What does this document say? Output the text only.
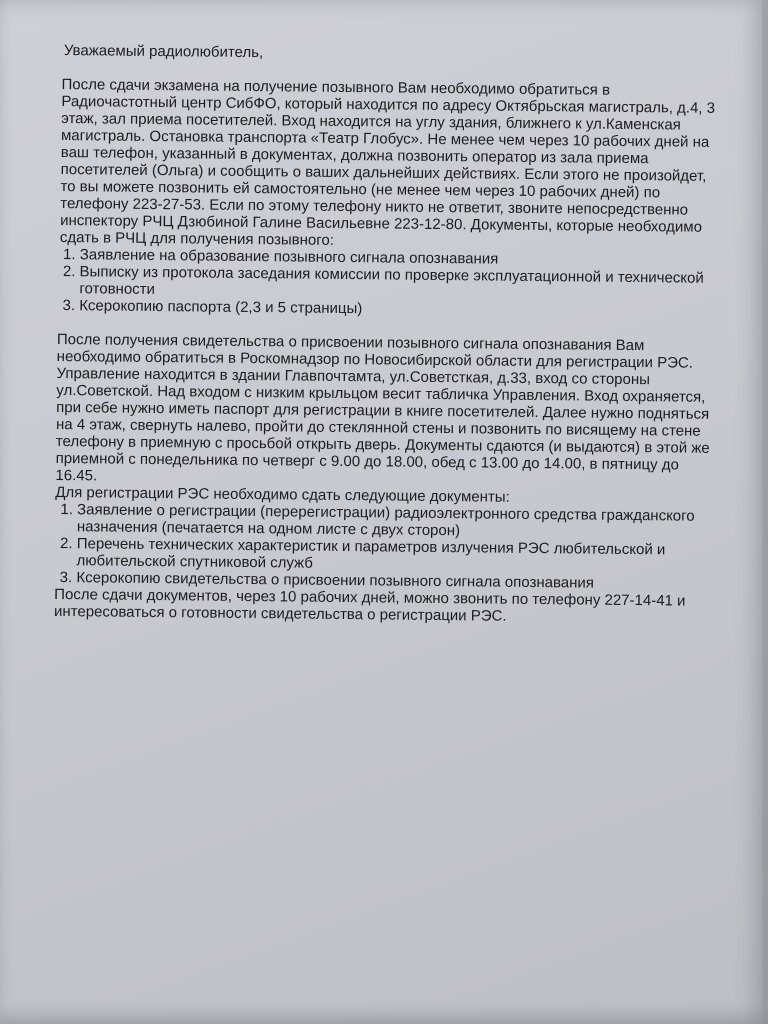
Уважаемый радиолюбитель,

После сдачи экзамена на получение позывного Вам необходимо обратиться в Радиочастотный центр СибФО, который находится по адресу Октябрьская магистраль, д.4, 3 этаж, зал приема посетителей. Вход находится на углу здания, ближнего к ул.Каменская магистраль. Остановка транспорта «Театр Глобус». Не менее чем через 10 рабочих дней на ваш телефон, указанный в документах, должна позвонить оператор из зала приема посетителей (Ольга) и сообщить о ваших дальнейших действиях. Если этого не произойдет, то вы можете позвонить ей самостоятельно (не менее чем через 10 рабочих дней) по телефону 223-27-53. Если по этому телефону никто не ответит, звоните непосредственно инспектору РЧЦ Дзюбиной Галине Васильевне 223-12-80. Документы, которые необходимо сдать в РЧЦ для получения позывного:

1. Заявление на образование позывного сигнала опознавания
2. Выписку из протокола заседания комиссии по проверке эксплуатационной и технической готовности
3. Ксерокопию паспорта (2,3 и 5 страницы)

После получения свидетельства о присвоении позывного сигнала опознавания Вам необходимо обратиться в Роскомнадзор по Новосибирской области для регистрации РЭС. Управление находится в здании Главпочтамта, ул.Советсткая, д.33, вход со стороны ул.Советской. Над входом с низким крыльцом весит табличка Управления. Вход охраняется, при себе нужно иметь паспорт для регистрации в книге посетителей. Далее нужно подняться на 4 этаж, свернуть налево, пройти до стеклянной стены и позвонить по висящему на стене телефону в приемную с просьбой открыть дверь. Документы сдаются (и выдаются) в этой же приемной с понедельника по четверг с 9.00 до 18.00, обед с 13.00 до 14.00, в пятницу до 16.45.

Для регистрации РЭС необходимо сдать следующие документы:

1. Заявление о регистрации (перерегистрации) радиоэлектронного средства гражданского назначения (печатается на одном листе с двух сторон)
2. Перечень технических характеристик и параметров излучения РЭС любительской и любительской спутниковой служб
3. Ксерокопию свидетельства о присвоении позывного сигнала опознавания

После сдачи документов, через 10 рабочих дней, можно звонить по телефону 227-14-41 и интересоваться о готовности свидетельства о регистрации РЭС.
